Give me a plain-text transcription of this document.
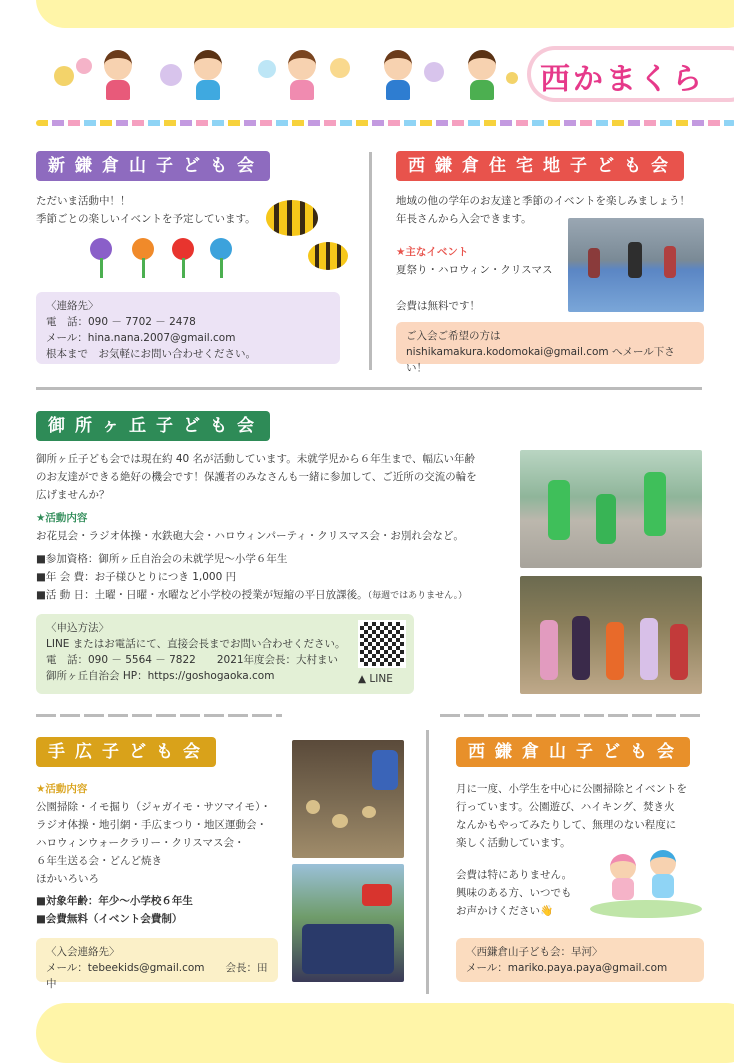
西かまくら
新鎌倉山子ども会
ただいま活動中！！
季節ごとの楽しいイベントを予定しています。
〈連絡先〉
電　話：090 － 7702 － 2478
メール：hina.nana.2007@gmail.com
根本まで　お気軽にお問い合わせください。
西鎌倉住宅地子ども会
地域の他の学年のお友達と季節のイベントを楽しみましょう！
年長さんから入会できます。
★主なイベント
夏祭り・ハロウィン・クリスマス
会費は無料です！
ご入会ご希望の方は
nishikamakura.kodomokai@gmail.com へメール下さい！
御所ヶ丘子ども会
御所ヶ丘子ども会では現在約 40 名が活動しています。未就学児から６年生まで、幅広い年齢
のお友達ができる絶好の機会です！保護者のみなさんも一緒に参加して、ご近所の交流の輪を
広げませんか？
★活動内容
お花見会・ラジオ体操・水鉄砲大会・ハロウィンパーティ・クリスマス会・お別れ会など。
■参加資格：御所ヶ丘自治会の未就学児～小学６年生
■年 会 費：お子様ひとりにつき 1,000 円
■活 動 日：土曜・日曜・水曜など小学校の授業が短縮の平日放課後。（毎週ではありません。）
〈申込方法〉
LINE またはお電話にて、直接会長までお問い合わせください。
電　話：090 － 5564 － 7822　　2021年度会長：大村まい
御所ヶ丘自治会 HP：https://goshogaoka.com	▲ LINE
手広子ども会
★活動内容
公園掃除・イモ掘り（ジャガイモ・サツマイモ）・
ラジオ体操・地引網・手広まつり・地区運動会・
ハロウィンウォークラリー・クリスマス会・
６年生送る会・どんど焼き
ほかいろいろ
■対象年齢：年少～小学校６年生
■会費無料（イベント会費制）
〈入会連絡先〉
メール：tebeekids@gmail.com　　会長：田中
西鎌倉山子ども会
月に一度、小学生を中心に公園掃除とイベントを
行っています。公園遊び、ハイキング、焚き火
なんかもやってみたりして、無理のない程度に
楽しく活動しています。
会費は特にありません。
興味のある方、いつでも
お声かけください👋
〈西鎌倉山子ども会：早河〉
メール：mariko.paya.paya@gmail.com
